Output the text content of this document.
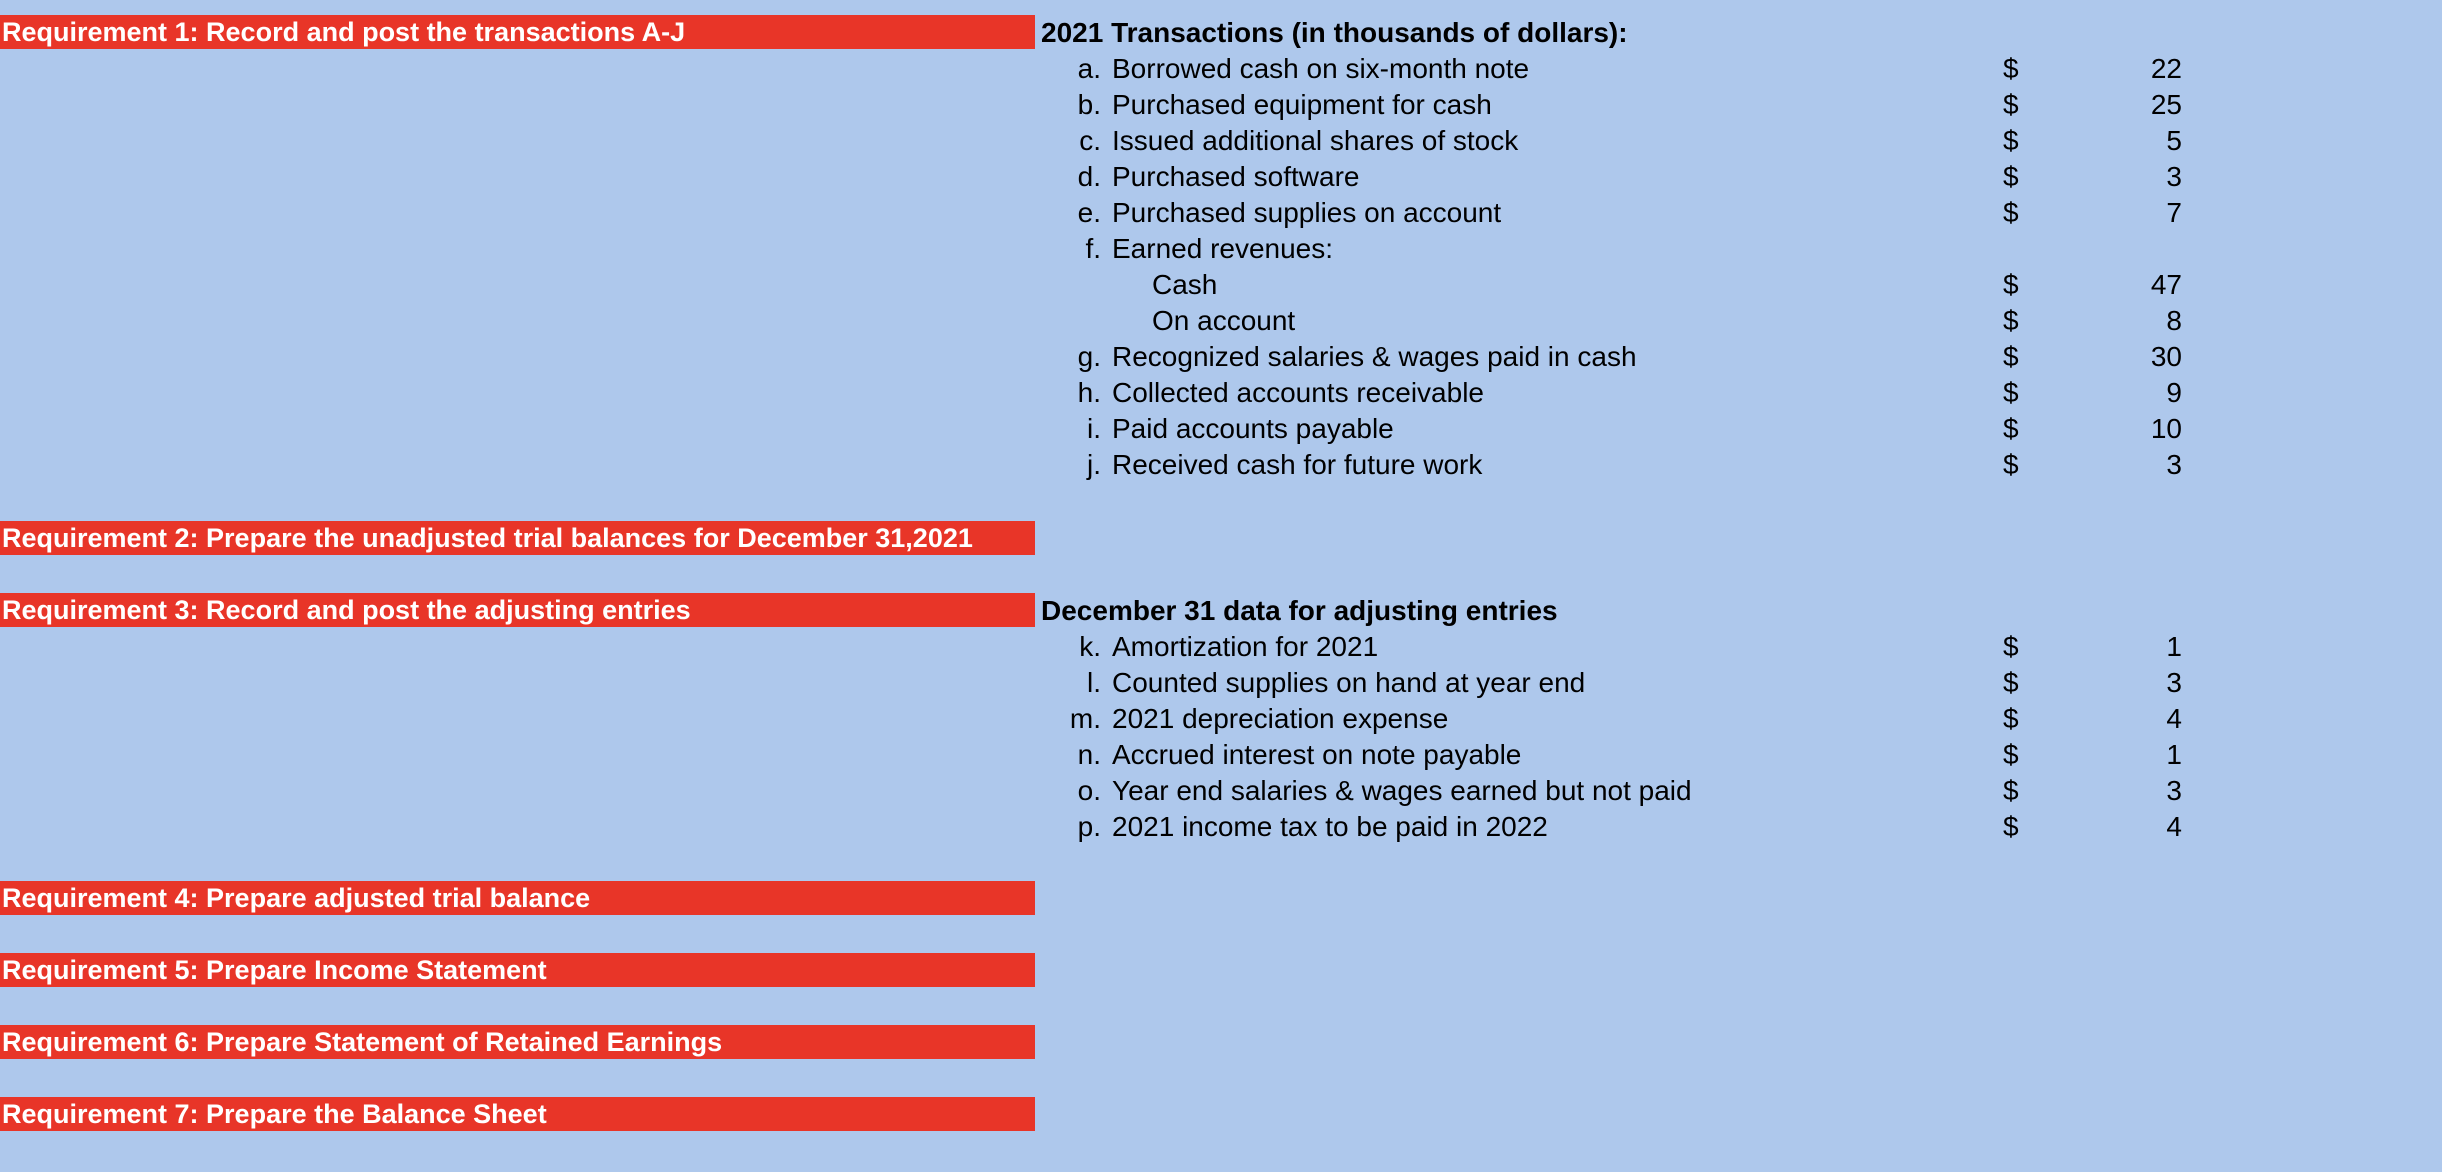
Requirement 1: Record and post the transactions A-J
Requirement 2: Prepare the unadjusted trial balances for December 31,2021
Requirement 3: Record and post the adjusting entries
Requirement 4: Prepare adjusted trial balance
Requirement 5: Prepare Income Statement
Requirement 6: Prepare Statement of Retained Earnings
Requirement 7: Prepare the Balance Sheet
2021 Transactions (in thousands of dollars):
a. Borrowed cash on six-month note	$	22
b. Purchased equipment for cash	$	25
c. Issued additional shares of stock	$	5
d. Purchased software	$	3
e. Purchased supplies on account	$	7
f. Earned revenues:
Cash	$	47
On account	$	8
g. Recognized salaries & wages paid in cash	$	30
h. Collected accounts receivable	$	9
i. Paid accounts payable	$	10
j. Received cash for future work	$	3
December 31 data for adjusting entries
k. Amortization for 2021	$	1
l. Counted supplies on hand at year end	$	3
m. 2021 depreciation expense	$	4
n. Accrued interest on note payable	$	1
o. Year end salaries & wages earned but not paid	$	3
p. 2021 income tax to be paid in 2022	$	4
